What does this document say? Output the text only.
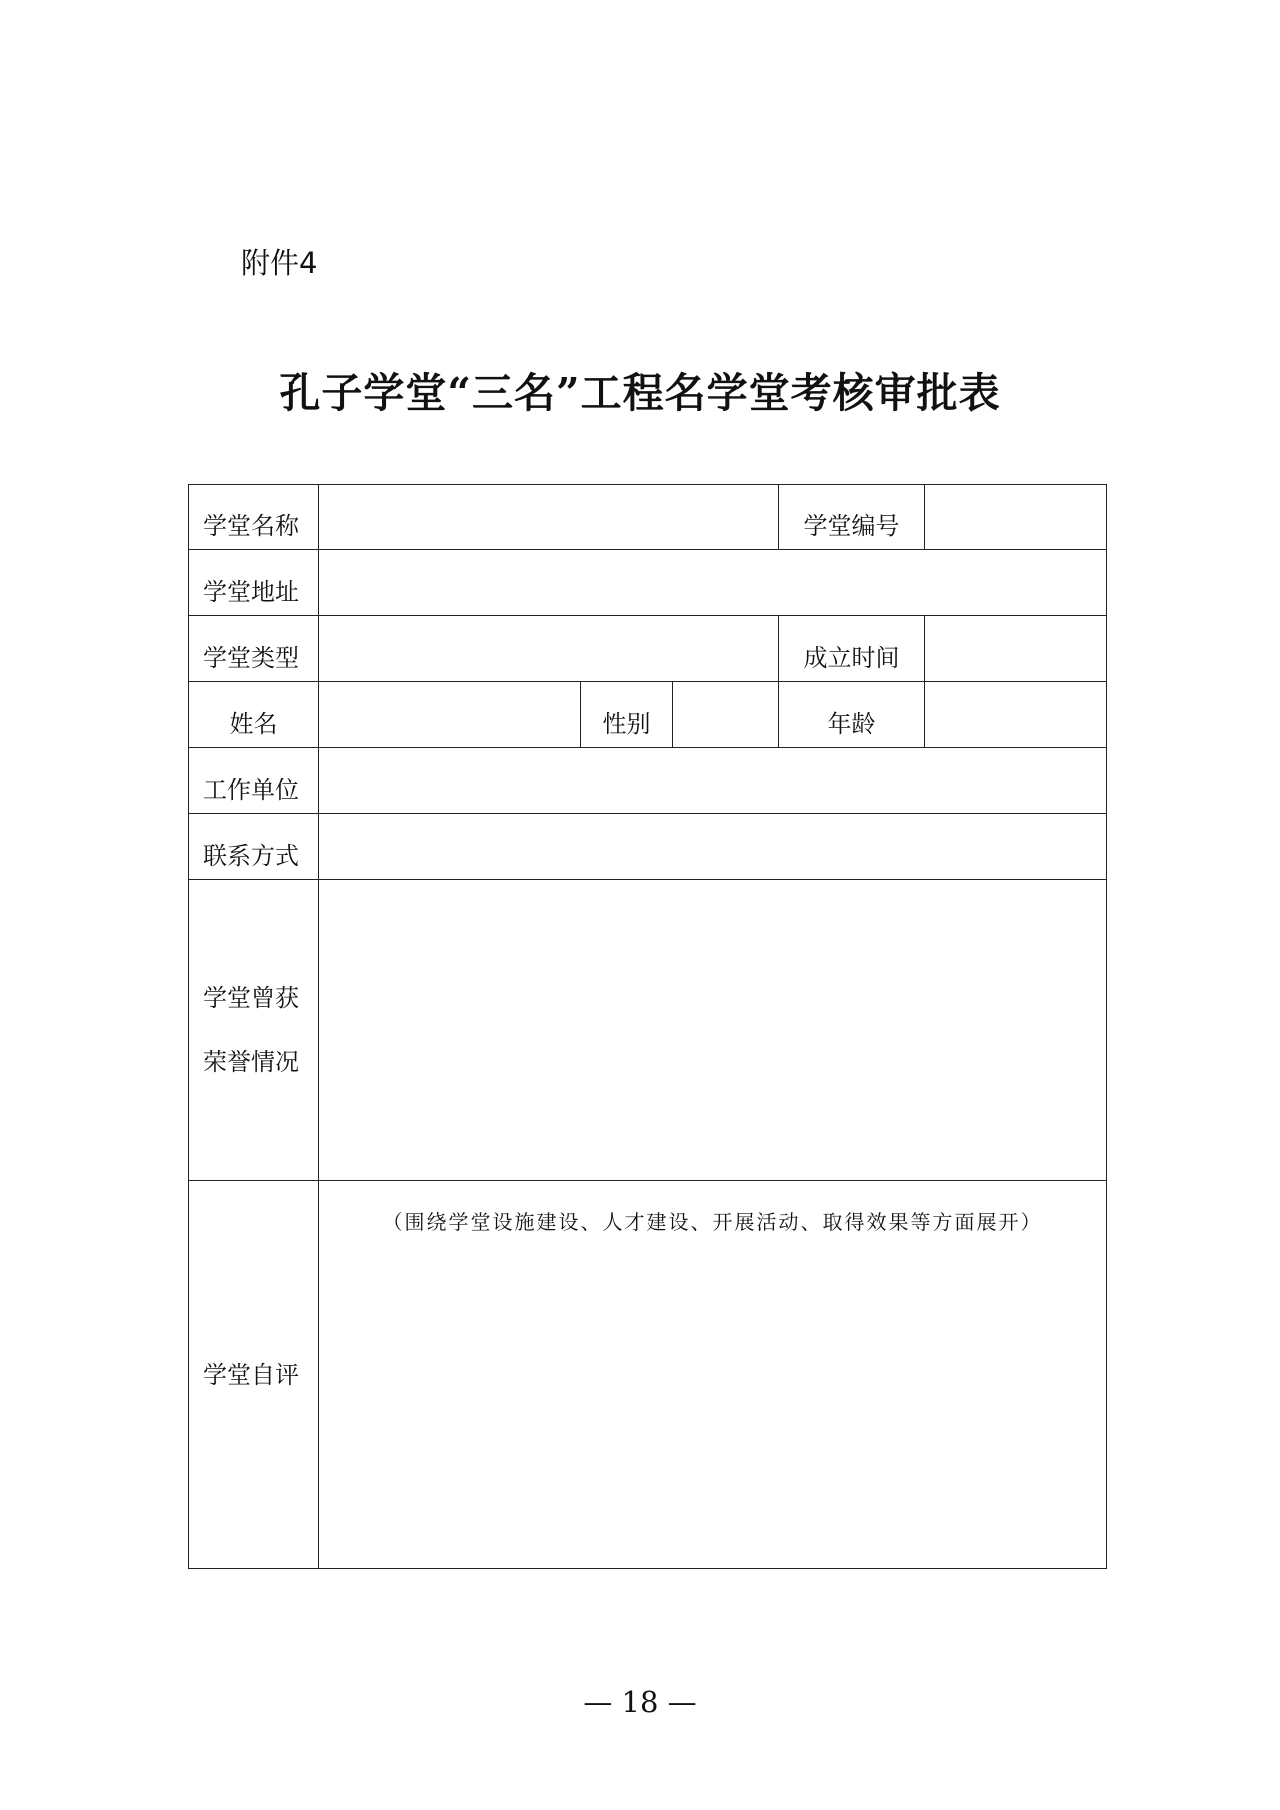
附件4
孔子学堂“三名”工程名学堂考核审批表
学堂名称				学堂编号	
学堂地址					
学堂类型				成立时间	
姓名		性别		年龄	
工作单位					
联系方式					

学堂曾获
荣誉情况					

学堂自评	（围绕学堂设施建设、人才建设、开展活动、取得效果等方面展开）				
— 18 —
